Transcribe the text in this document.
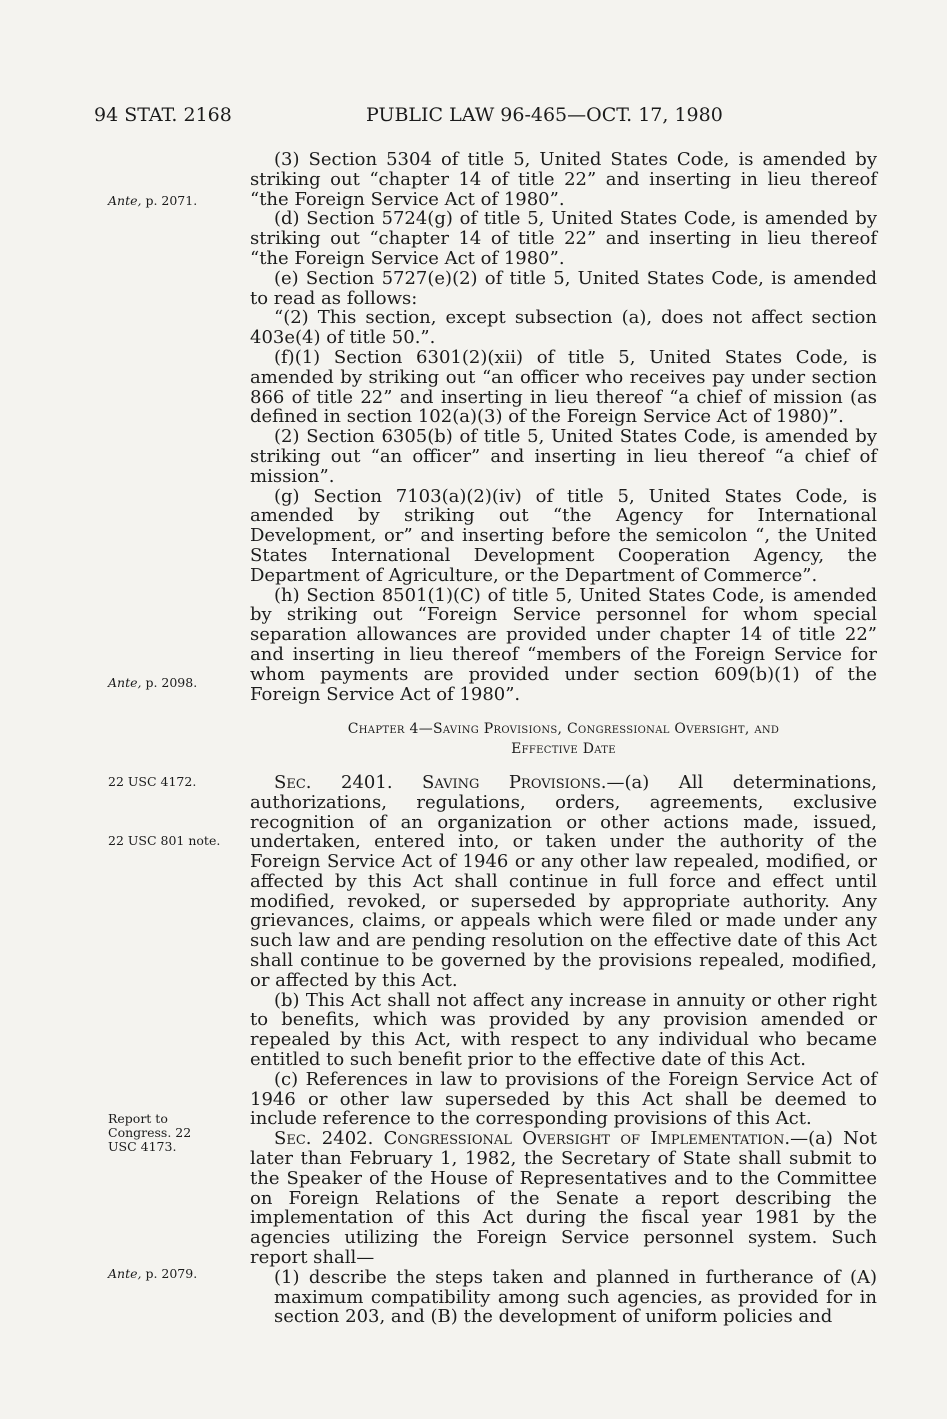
94 STAT. 2168	PUBLIC LAW 96-465—OCT. 17, 1980
Ante, p. 2071.
Ante, p. 2098.
22 USC 4172.
22 USC 801 note.
Report to Congress. 22 USC 4173.
Ante, p. 2079.

(3) Section 5304 of title 5, United States Code, is amended by striking out “chapter 14 of title 22” and inserting in lieu thereof “the Foreign Service Act of 1980”.

(d) Section 5724(g) of title 5, United States Code, is amended by striking out “chapter 14 of title 22” and inserting in lieu thereof “the Foreign Service Act of 1980”.

(e) Section 5727(e)(2) of title 5, United States Code, is amended to read as follows:

“(2) This section, except subsection (a), does not affect section 403e(4) of title 50.”.

(f)(1) Section 6301(2)(xii) of title 5, United States Code, is amended by striking out “an officer who receives pay under section 866 of title 22” and inserting in lieu thereof “a chief of mission (as defined in section 102(a)(3) of the Foreign Service Act of 1980)”.

(2) Section 6305(b) of title 5, United States Code, is amended by striking out “an officer” and inserting in lieu thereof “a chief of mission”.

(g) Section 7103(a)(2)(iv) of title 5, United States Code, is amended by striking out “the Agency for International Development, or” and inserting before the semicolon “, the United States International Development Cooperation Agency, the Department of Agriculture, or the Department of Commerce”.

(h) Section 8501(1)(C) of title 5, United States Code, is amended by striking out “Foreign Service personnel for whom special separation allowances are provided under chapter 14 of title 22” and inserting in lieu thereof “members of the Foreign Service for whom payments are provided under section 609(b)(1) of the Foreign Service Act of 1980”.

Chapter 4—Saving Provisions, Congressional Oversight, and
Effective Date

Sec. 2401. Saving Provisions.—(a) All determinations, authorizations, regulations, orders, agreements, exclusive recognition of an organization or other actions made, issued, undertaken, entered into, or taken under the authority of the Foreign Service Act of 1946 or any other law repealed, modified, or affected by this Act shall continue in full force and effect until modified, revoked, or superseded by appropriate authority. Any grievances, claims, or appeals which were filed or made under any such law and are pending resolution on the effective date of this Act shall continue to be governed by the provisions repealed, modified, or affected by this Act.

(b) This Act shall not affect any increase in annuity or other right to benefits, which was provided by any provision amended or repealed by this Act, with respect to any individual who became entitled to such benefit prior to the effective date of this Act.

(c) References in law to provisions of the Foreign Service Act of 1946 or other law superseded by this Act shall be deemed to include reference to the corresponding provisions of this Act.

Sec. 2402. Congressional Oversight of Implementation.—(a) Not later than February 1, 1982, the Secretary of State shall submit to the Speaker of the House of Representatives and to the Committee on Foreign Relations of the Senate a report describing the implementation of this Act during the fiscal year 1981 by the agencies utilizing the Foreign Service personnel system. Such report shall—

(1) describe the steps taken and planned in furtherance of (A) maximum compatibility among such agencies, as provided for in section 203, and (B) the development of uniform policies and
